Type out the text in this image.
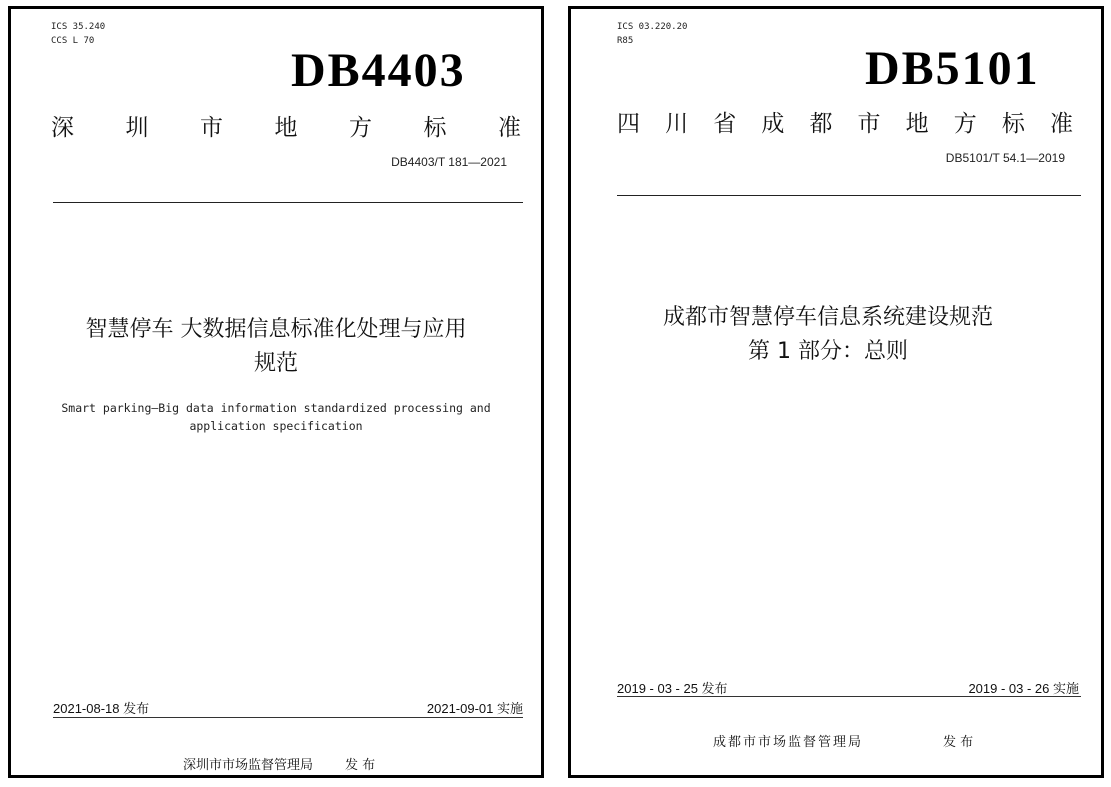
ICS 35.240
CCS L 70
DB4403
深 圳 市 地 方 标 准
DB4403/T 181—2021
智慧停车 大数据信息标准化处理与应用
规范
Smart parking—Big data information standardized processing and
application specification
2021-08-18 发布	2021-09-01 实施
深圳市市场监督管理局 发 布
ICS 03.220.20
R85
DB5101
四 川 省 成 都 市 地 方 标 准
DB5101/T 54.1—2019
成都市智慧停车信息系统建设规范
第 1 部分：总则
2019 - 03 - 25 发布	2019 - 03 - 26 实施
成都市市场监督管理局	发 布
